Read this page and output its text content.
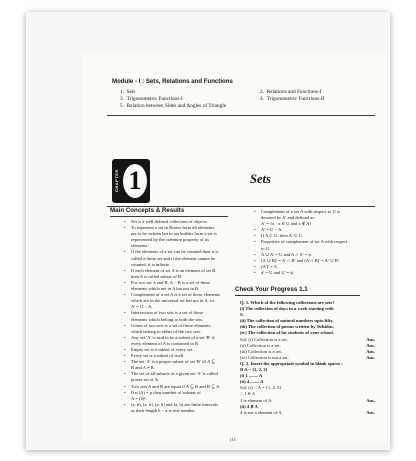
Module - I : Sets, Relations and Functions
1. Sets	2. Relations and Functions-I
3. Trigonometric Functions-I	4. Trigonometric Functions-II
5. Relation between Sides and Angles of Triangle
CHAPTER 1	Sets
Main Concepts & Results

• Set is a well defined collection of objects.

• To represent a set in Roster form all elements

are to be written but in set builder form a set is

represented by the common property of its

elements.

• If the elements of a set can be counted then it is

called a finite set and if the element cannot be

counted, it is infinite.

• If each element of set A is an element of set B,

then A is called subset of B.

• For two set A and B, A − B is a set of those

elements which are in A but not in B.

• Complement of a set A is a set of those elements

which are in the universal set but not in A, i.e.

A' = U − A.

• Intersection of two sets is a set of those

elements which belong to both the sets.

• Union of two sets is a set of those elements

which belong to either of the two sets.

• Any set 'A' is said to be a subset of a set 'B' if

every element of A is contained in B.

• Empty set is a subset of every set.

• Every set is a subset of itself.

• The set 'A' is a proper subset of set 'B' iff A ⊆

B and A ≠ B.

• The set of all subsets of a given set 'A' is called

power set of A.

• Two sets A and B are equal if A ⊆ B and B ⊆ A.

• If n (A) = p then number of subsets of

A = (2)ᵖ.

• (a, b), [a, b], (a, b] and [a, b) are finite intervals

as their length b − a is real number.

• Complement of a set A with respect to U is

denoted by A' and defined as :

A' = {x : x ∈ U and x ∉ A}

• A' = U − A.

• If A ⊂ U, then A' ⊂ U.

• Properties of complement of set A with respect

to U:

• A ∪ A' = U and A ∩ A' = ϕ.

• (A ∪ B)' = A' ∩ B' and (A ∩ B)' = A' ∪ B'.

• (A')' = A.

• ϕ' = U and U' = ϕ.

Check Your Progress 1.1

Q. 1. Which of the following collections are sets?

(i) The collection of days in a week starting with

S.

(ii) The collection of natural numbers upto fifty.

(iii) The collection of poems written by Tulsidas.

(iv) The collection of fat students of your school.

Sol. (i) Collection is a set.	Ans.

(ii) Collection is a set.	Ans.

(iii) Collection is a set.	Ans.

(iv) Collection is not a set.	Ans.

Q. 2. Insert the appropriate symbol in blank spaces :

If A = {1, 2, 3}

(i) 1 ........ A

(ii) 4 ........ A

Sol. (i) ∵ A = {1, 2, 3}

∴ 1 ∈ A

1 is element of A.	Ans.

(ii) 4 ∉ A

4 is not a element of A.	Ans.

(1)
